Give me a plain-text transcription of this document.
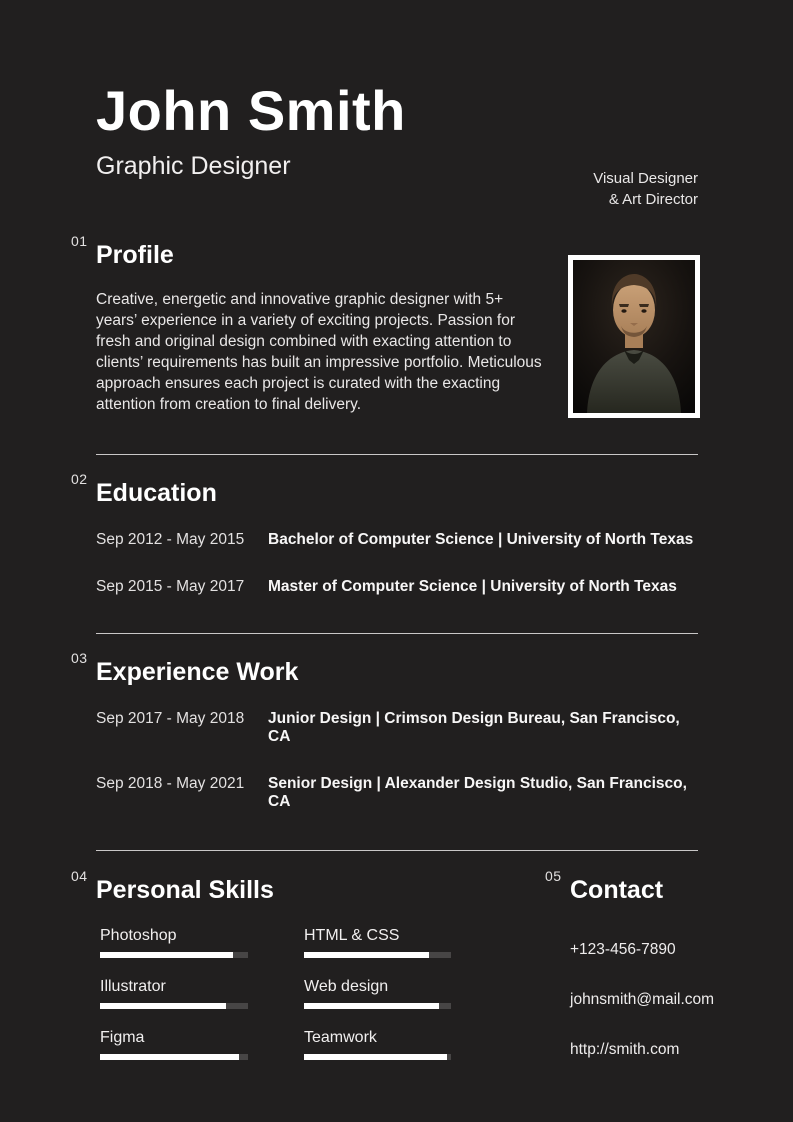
John Smith
Graphic Designer
01 Profile

Creative, energetic and innovative graphic designer with 5+ years’ experience in a variety of exciting projects. Passion for fresh and original design combined with exacting attention to clients’ requirements has built an impressive portfolio. Meticulous approach ensures each project is curated with the exacting attention from creation to final delivery.

02 Education
Sep 2012 - May 2015	Bachelor of Computer Science | University of North Texas
Sep 2015 - May 2017	Master of Computer Science | University of North Texas
03 Experience Work
Sep 2017 - May 2018	Junior Design | Crimson Design Bureau, San Francisco, CA
Sep 2018 - May 2021	Senior Design | Alexander Design Studio, San Francisco, CA
04 Personal Skills
Photoshop
Illustrator
Figma
HTML & CSS
Web design
Teamwork
05 Contact
+123-456-7890
johnsmith@mail.com
http://smith.com
Visual Designer
& Art Director
